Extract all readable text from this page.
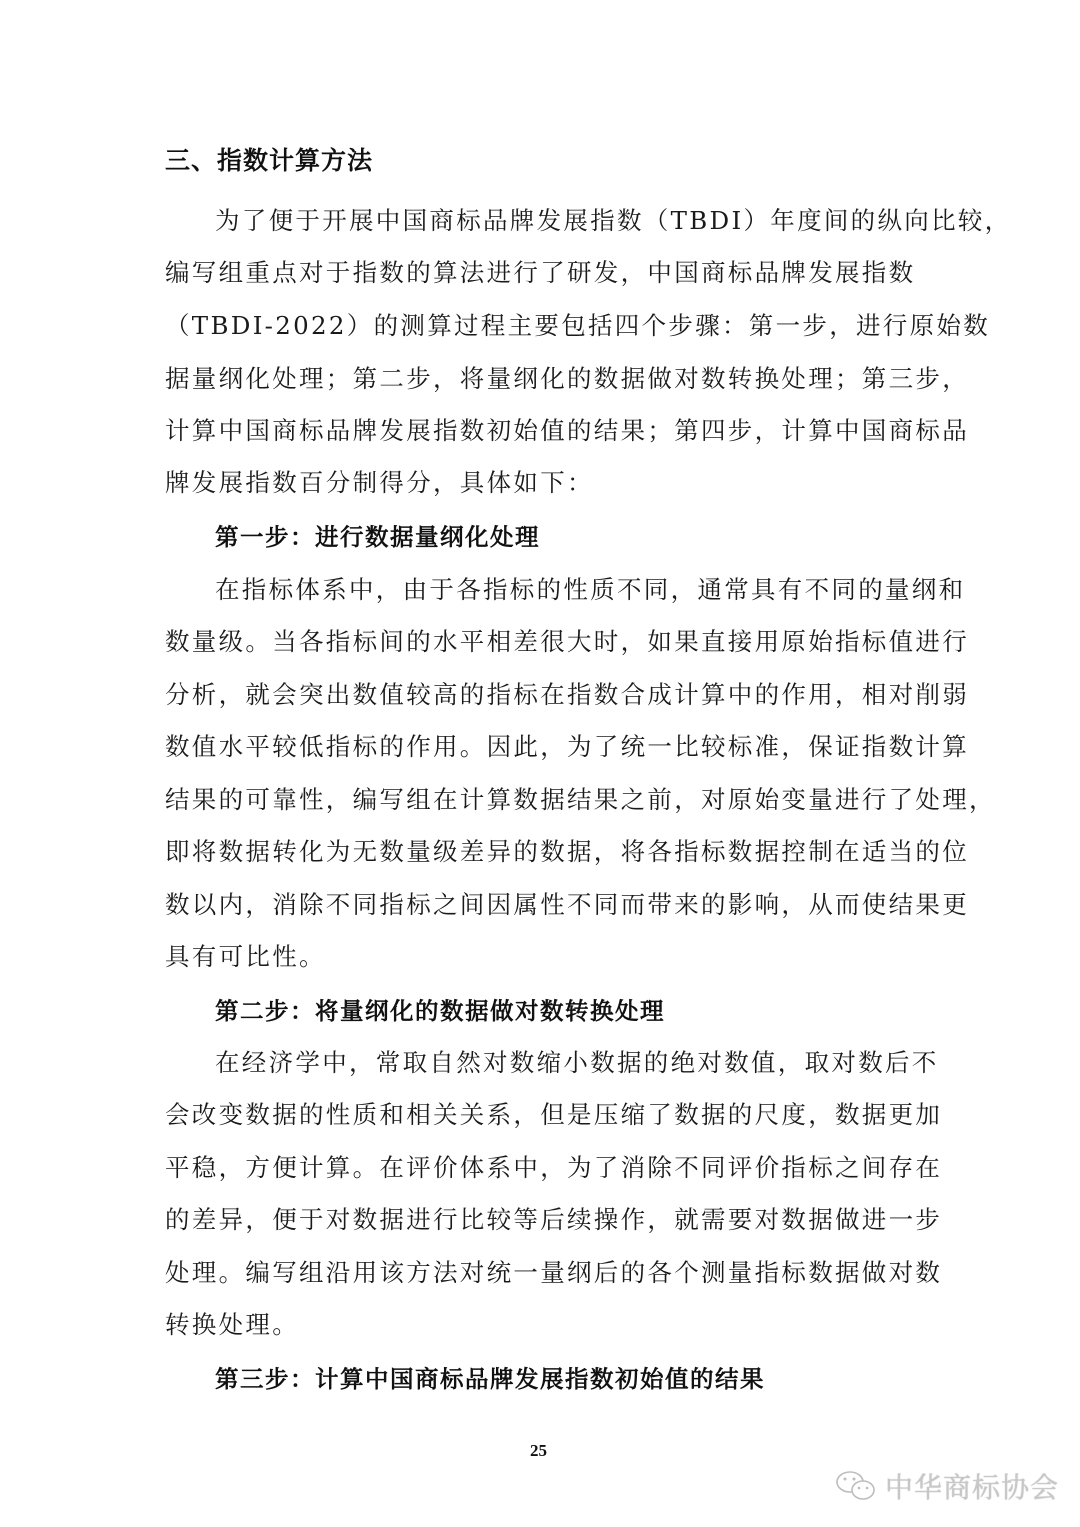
三、指数计算方法
为了便于开展中国商标品牌发展指数（TBDI）年度间的纵向比较，
编写组重点对于指数的算法进行了研发，中国商标品牌发展指数
（TBDI-2022）的测算过程主要包括四个步骤：第一步，进行原始数
据量纲化处理；第二步，将量纲化的数据做对数转换处理；第三步，
计算中国商标品牌发展指数初始值的结果；第四步，计算中国商标品
牌发展指数百分制得分，具体如下：
第一步：进行数据量纲化处理
在指标体系中，由于各指标的性质不同，通常具有不同的量纲和
数量级。当各指标间的水平相差很大时，如果直接用原始指标值进行
分析，就会突出数值较高的指标在指数合成计算中的作用，相对削弱
数值水平较低指标的作用。因此，为了统一比较标准，保证指数计算
结果的可靠性，编写组在计算数据结果之前，对原始变量进行了处理，
即将数据转化为无数量级差异的数据，将各指标数据控制在适当的位
数以内，消除不同指标之间因属性不同而带来的影响，从而使结果更
具有可比性。
第二步：将量纲化的数据做对数转换处理
在经济学中，常取自然对数缩小数据的绝对数值，取对数后不
会改变数据的性质和相关关系，但是压缩了数据的尺度，数据更加
平稳，方便计算。在评价体系中，为了消除不同评价指标之间存在
的差异，便于对数据进行比较等后续操作，就需要对数据做进一步
处理。编写组沿用该方法对统一量纲后的各个测量指标数据做对数
转换处理。
第三步：计算中国商标品牌发展指数初始值的结果
25
中华商标协会
